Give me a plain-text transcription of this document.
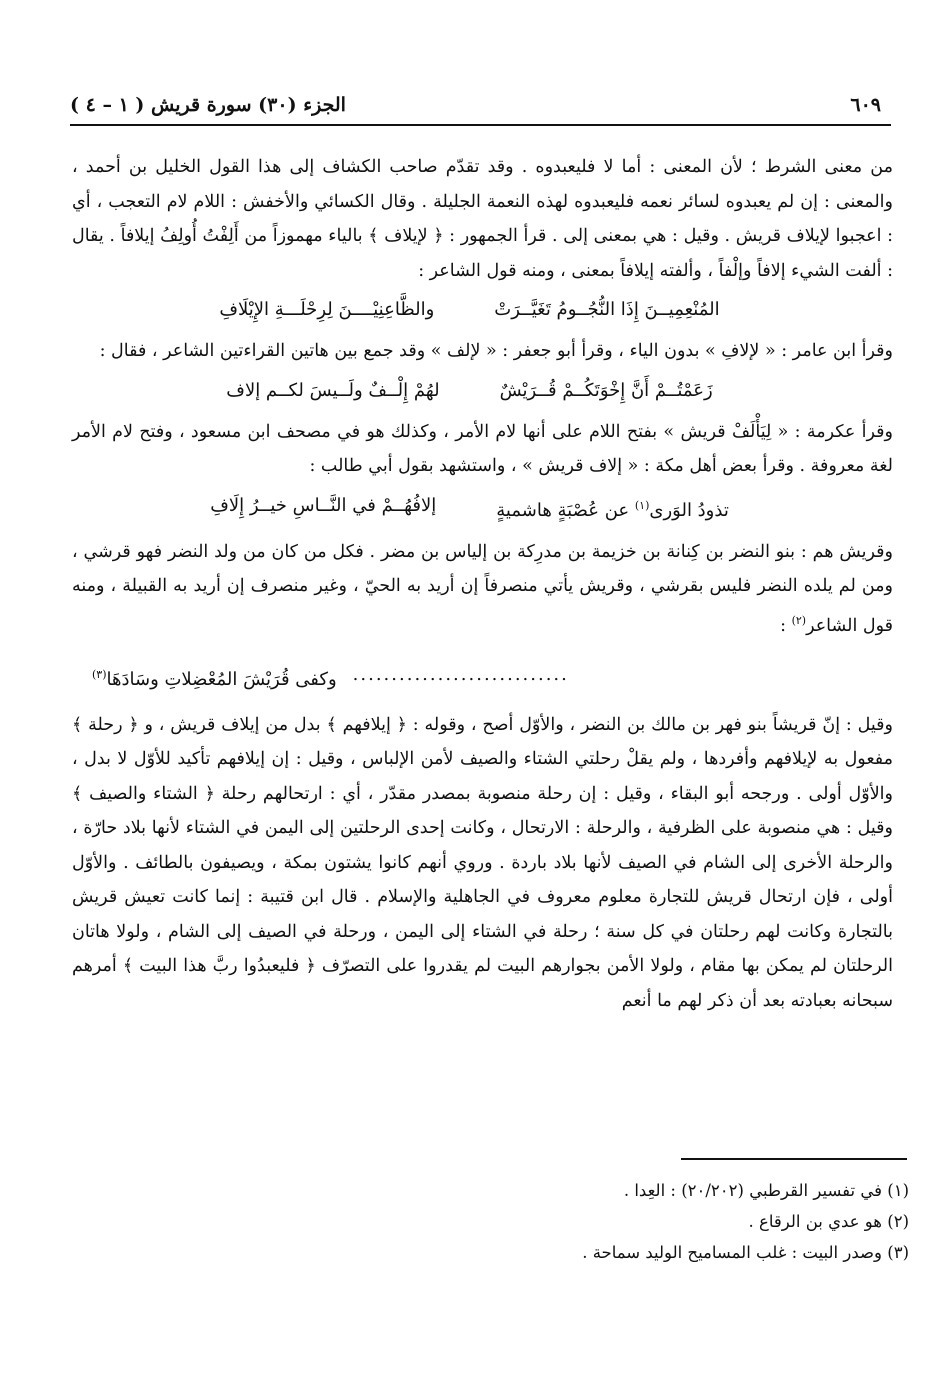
الجزء (٣٠) سورة قريش ( ١ – ٤ )	٦٠٩

من معنى الشرط ؛ لأن المعنى : أما لا فليعبدوه . وقد تقدّم صاحب الكشاف إلى هذا القول الخليل بن أحمد ، والمعنى : إن لم يعبدوه لسائر نعمه فليعبدوه لهذه النعمة الجليلة . وقال الكسائي والأخفش : اللام لام التعجب ، أي : اعجبوا لإيلاف قريش . وقيل : هي بمعنى إلى . قرأ الجمهور : ﴿ لإيلاف ﴾ بالياء مهموزاً من أَلِفْتُ أُولِفُ إيلافاً . يقال : ألفت الشيء إلافاً وإلْفاً ، وألفته إيلافاً بمعنى ، ومنه قول الشاعر :

المُنْعِمِيــنَ إِذَا النُّجُــومُ تَغَيَّــرَتْ
والظَّاعِنِيْــــنَ لِرِحْلَـــةِ الإِيْلَافِ

وقرأ ابن عامر : « لإلافِ » بدون الياء ، وقرأ أبو جعفر : « لإلف » وقد جمع بين هاتين القراءتين الشاعر ، فقال :

زَعَمْتُــمْ أَنَّ إِخْوَتَكُــمْ قُــرَيْشٌ
لهُمْ إِلْــفٌ ولَــيسَ لكــم إلاف

وقرأ عكرمة : « لِيَأْلَفْ قريش » بفتح اللام على أنها لام الأمر ، وكذلك هو في مصحف ابن مسعود ، وفتح لام الأمر لغة معروفة . وقرأ بعض أهل مكة : « إلاف قريش » ، واستشهد بقول أبي طالب :

تذودُ الوَرى$^{(١)}$ عن عُصْبَةٍ هاشميةٍ
إلافُهُــمْ في النَّــاسِ خيــرُ إِلَافِ

وقريش هم : بنو النضر بن كِنانة بن خزيمة بن مدرِكة بن إلياس بن مضر . فكل من كان من ولد النضر فهو قرشي ، ومن لم يلده النضر فليس بقرشي ، وقريش يأتي منصرفاً إن أريد به الحيّ ، وغير منصرف إن أريد به القبيلة ، ومنه قول الشاعر$^{(٢)}$ :

............................
وكفى قُرَيْشَ المُعْضِلاتِ وسَادَهَا$^{(٣)}$

وقيل : إنّ قريشاً بنو فهر بن مالك بن النضر ، والأوّل أصح ، وقوله : ﴿ إيلافهم ﴾ بدل من إيلاف قريش ، و ﴿ رحلة ﴾ مفعول به لإيلافهم وأفردها ، ولم يقلْ رحلتي الشتاء والصيف لأمن الإلباس ، وقيل : إن إيلافهم تأكيد للأوّل لا بدل ، والأوّل أولى . ورجحه أبو البقاء ، وقيل : إن رحلة منصوبة بمصدر مقدّر ، أي : ارتحالهم رحلة ﴿ الشتاء والصيف ﴾ وقيل : هي منصوبة على الظرفية ، والرحلة : الارتحال ، وكانت إحدى الرحلتين إلى اليمن في الشتاء لأنها بلاد حارّة ، والرحلة الأخرى إلى الشام في الصيف لأنها بلاد باردة . وروي أنهم كانوا يشتون بمكة ، ويصيفون بالطائف . والأوّل أولى ، فإن ارتحال قريش للتجارة معلوم معروف في الجاهلية والإسلام . قال ابن قتيبة : إنما كانت تعيش قريش بالتجارة وكانت لهم رحلتان في كل سنة ؛ رحلة في الشتاء إلى اليمن ، ورحلة في الصيف إلى الشام ، ولولا هاتان الرحلتان لم يمكن بها مقام ، ولولا الأمن بجوارهم البيت لم يقدروا على التصرّف ﴿ فليعبدُوا ربَّ هذا البيت ﴾ أمرهم سبحانه بعبادته بعد أن ذكر لهم ما أنعم

(١) في تفسير القرطبي (٢٠/٢٠٢) : العِدا .

(٢) هو عدي بن الرقاع .

(٣) وصدر البيت : غلب المساميح الوليد سماحة .
